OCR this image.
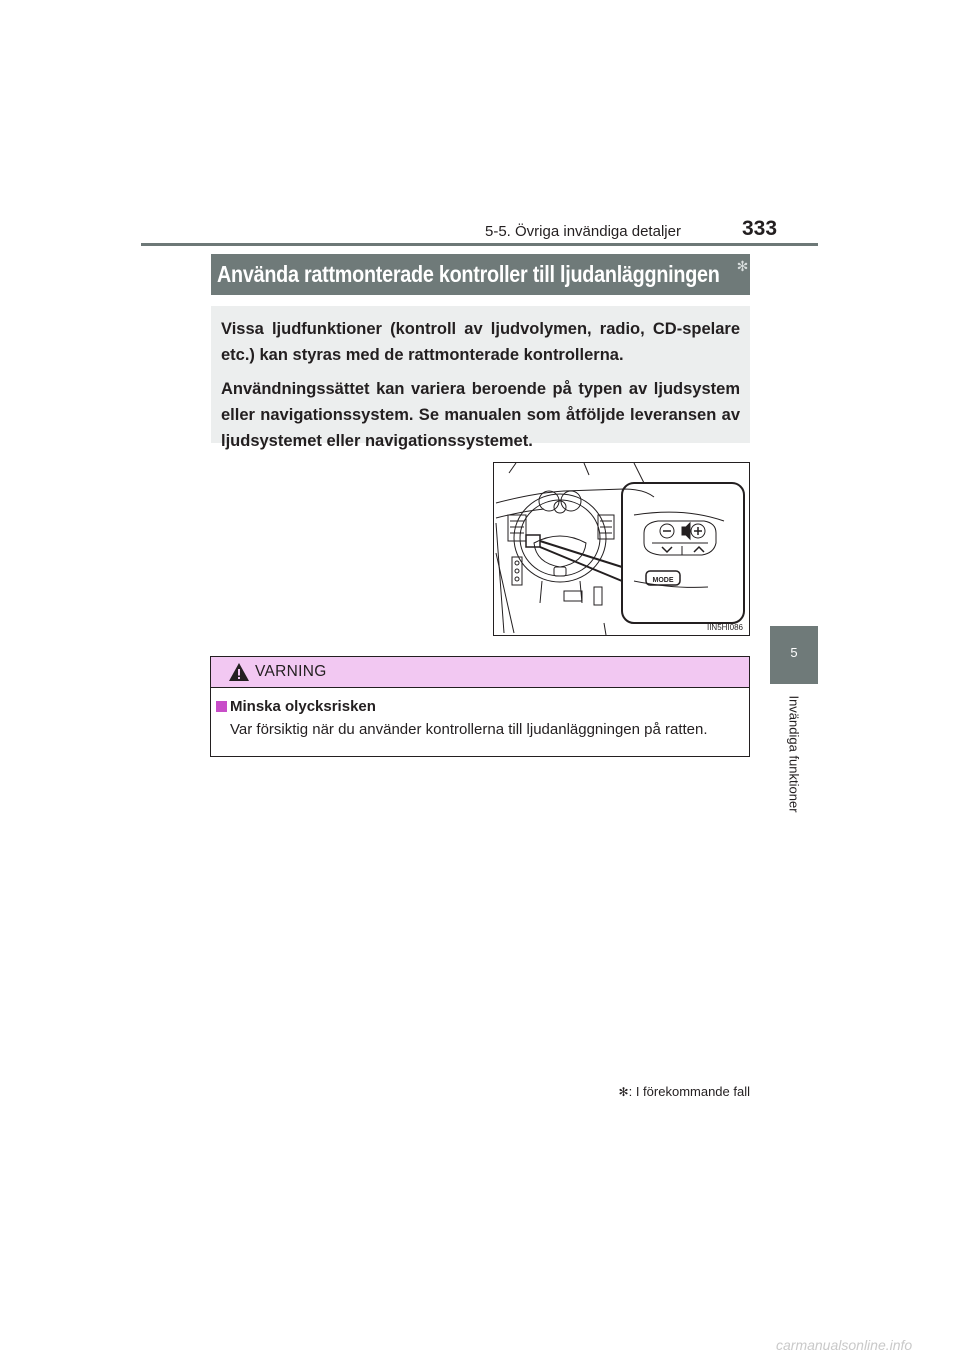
5-5. Övriga invändiga detaljer	333
Använda rattmonterade kontroller till ljudanläggningen ✻

Vissa ljudfunktioner (kontroll av ljudvolymen, radio, CD-spelare etc.) kan styras med de rattmonterade kontrollerna.

Användningssättet kan variera beroende på typen av ljudsystem eller navigationssystem. Se manualen som åtföljde leveransen av ljudsystemet eller navigationssystemet.

MODE
IIN5HI086
VARNING
Minska olycksrisken
Var försiktig när du använder kontrollerna till ljudanläggningen på ratten.
✻: I förekommande fall
5
Invändiga funktioner
carmanualsonline.info
